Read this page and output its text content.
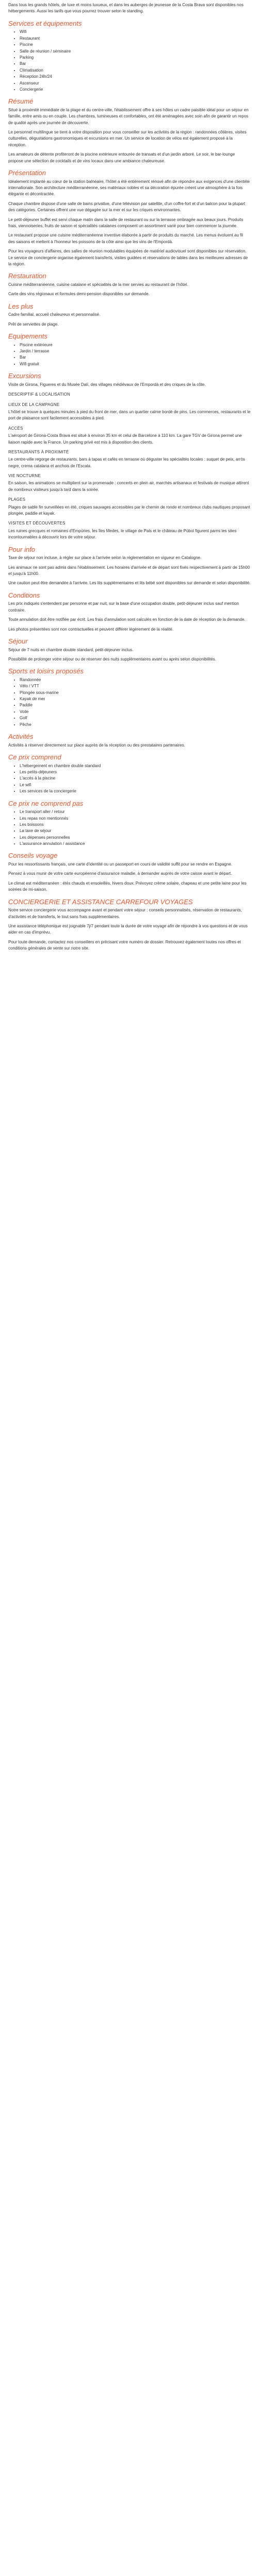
Dans tous les grands hôtels, de luxe et moins luxueux, et dans les auberges de jeunesse de la Costa Brava sont disponibles nos hébergements. Aussi les tarifs que vous pourrez trouver selon le standing.

Services et équipements
• Wifi
• Restaurant
• Piscine
• Salle de réunion / séminaire
• Parking
• Bar
• Climatisation
• Réception 24h/24
• Ascenseur
• Conciergerie
Résumé

Situé à proximité immédiate de la plage et du centre-ville, l'établissement offre à ses hôtes un cadre paisible idéal pour un séjour en famille, entre amis ou en couple. Les chambres, lumineuses et confortables, ont été aménagées avec soin afin de garantir un repos de qualité après une journée de découverte.

Le personnel multilingue se tient à votre disposition pour vous conseiller sur les activités de la région : randonnées côtières, visites culturelles, dégustations gastronomiques et excursions en mer. Un service de location de vélos est également proposé à la réception.

Les amateurs de détente profiteront de la piscine extérieure entourée de transats et d'un jardin arboré. Le soir, le bar-lounge propose une sélection de cocktails et de vins locaux dans une ambiance chaleureuse.

Présentation

Idéalement implanté au cœur de la station balnéaire, l'hôtel a été entièrement rénové afin de répondre aux exigences d'une clientèle internationale. Son architecture méditerranéenne, ses matériaux nobles et sa décoration épurée créent une atmosphère à la fois élégante et décontractée.

Chaque chambre dispose d'une salle de bains privative, d'une télévision par satellite, d'un coffre-fort et d'un balcon pour la plupart des catégories. Certaines offrent une vue dégagée sur la mer et sur les criques environnantes.

Le petit-déjeuner buffet est servi chaque matin dans la salle de restaurant ou sur la terrasse ombragée aux beaux jours. Produits frais, viennoiseries, fruits de saison et spécialités catalanes composent un assortiment varié pour bien commencer la journée.

Le restaurant propose une cuisine méditerranéenne inventive élaborée à partir de produits du marché. Les menus évoluent au fil des saisons et mettent à l'honneur les poissons de la côte ainsi que les vins de l'Empordà.

Pour les voyageurs d'affaires, des salles de réunion modulables équipées de matériel audiovisuel sont disponibles sur réservation. Le service de conciergerie organise également transferts, visites guidées et réservations de tables dans les meilleures adresses de la région.

Restauration

Cuisine méditerranéenne, cuisine catalane et spécialités de la mer servies au restaurant de l'hôtel.

Carte des vins régionaux et formules demi-pension disponibles sur demande.

Les plus

Cadre familial, accueil chaleureux et personnalisé.

Prêt de serviettes de plage.

Equipements
• Piscine extérieure
• Jardin / terrasse
• Bar
• Wifi gratuit
Excursions

Visite de Girona, Figueres et du Musée Dalí, des villages médiévaux de l'Empordà et des criques de la côte.

DESCRIPTIF & LOCALISATION
LIEUX DE LA CAMPAGNE

L'hôtel se trouve à quelques minutes à pied du front de mer, dans un quartier calme bordé de pins. Les commerces, restaurants et le port de plaisance sont facilement accessibles à pied.

ACCÈS

L'aéroport de Girona-Costa Brava est situé à environ 35 km et celui de Barcelone à 110 km. La gare TGV de Girona permet une liaison rapide avec la France. Un parking privé est mis à disposition des clients.

RESTAURANTS À PROXIMITÉ

Le centre-ville regorge de restaurants, bars à tapas et cafés en terrasse où déguster les spécialités locales : suquet de peix, arròs negre, crema catalana et anchois de l'Escala.

VIE NOCTURNE

En saison, les animations se multiplient sur la promenade : concerts en plein air, marchés artisanaux et festivals de musique attirent de nombreux visiteurs jusqu'à tard dans la soirée.

PLAGES

Plages de sable fin surveillées en été, criques sauvages accessibles par le chemin de ronde et nombreux clubs nautiques proposant plongée, paddle et kayak.

VISITES ET DÉCOUVERTES

Les ruines grecques et romaines d'Empúries, les îles Medes, le village de Pals et le château de Púbol figurent parmi les sites incontournables à découvrir lors de votre séjour.

Pour info

Taxe de séjour non incluse, à régler sur place à l'arrivée selon la réglementation en vigueur en Catalogne.

Les animaux ne sont pas admis dans l'établissement. Les horaires d'arrivée et de départ sont fixés respectivement à partir de 15h00 et jusqu'à 11h00.

Une caution peut être demandée à l'arrivée. Les lits supplémentaires et lits bébé sont disponibles sur demande et selon disponibilité.

Conditions

Les prix indiqués s'entendent par personne et par nuit, sur la base d'une occupation double, petit-déjeuner inclus sauf mention contraire.

Toute annulation doit être notifiée par écrit. Les frais d'annulation sont calculés en fonction de la date de réception de la demande.

Les photos présentées sont non contractuelles et peuvent différer légèrement de la réalité.

Séjour

Séjour de 7 nuits en chambre double standard, petit-déjeuner inclus.

Possibilité de prolonger votre séjour ou de réserver des nuits supplémentaires avant ou après selon disponibilités.

Sports et loisirs proposés
• Randonnée
• Vélo / VTT
• Plongée sous-marine
• Kayak de mer
• Paddle
• Voile
• Golf
• Pêche
Activités

Activités à réserver directement sur place auprès de la réception ou des prestataires partenaires.

Ce prix comprend
• L'hébergement en chambre double standard
• Les petits-déjeuners
• L'accès à la piscine
• Le wifi
• Les services de la conciergerie
Ce prix ne comprend pas
• Le transport aller / retour
• Les repas non mentionnés
• Les boissons
• La taxe de séjour
• Les dépenses personnelles
• L'assurance annulation / assistance
Conseils voyage

Pour les ressortissants français, une carte d'identité ou un passeport en cours de validité suffit pour se rendre en Espagne.

Pensez à vous munir de votre carte européenne d'assurance maladie, à demander auprès de votre caisse avant le départ.

Le climat est méditerranéen : étés chauds et ensoleillés, hivers doux. Prévoyez crème solaire, chapeau et une petite laine pour les soirées de mi-saison.

CONCIERGERIE ET ASSISTANCE CARREFOUR VOYAGES

Notre service conciergerie vous accompagne avant et pendant votre séjour : conseils personnalisés, réservation de restaurants, d'activités et de transferts, le tout sans frais supplémentaires.

Une assistance téléphonique est joignable 7j/7 pendant toute la durée de votre voyage afin de répondre à vos questions et de vous aider en cas d'imprévu.

Pour toute demande, contactez nos conseillers en précisant votre numéro de dossier. Retrouvez également toutes nos offres et conditions générales de vente sur notre site.
